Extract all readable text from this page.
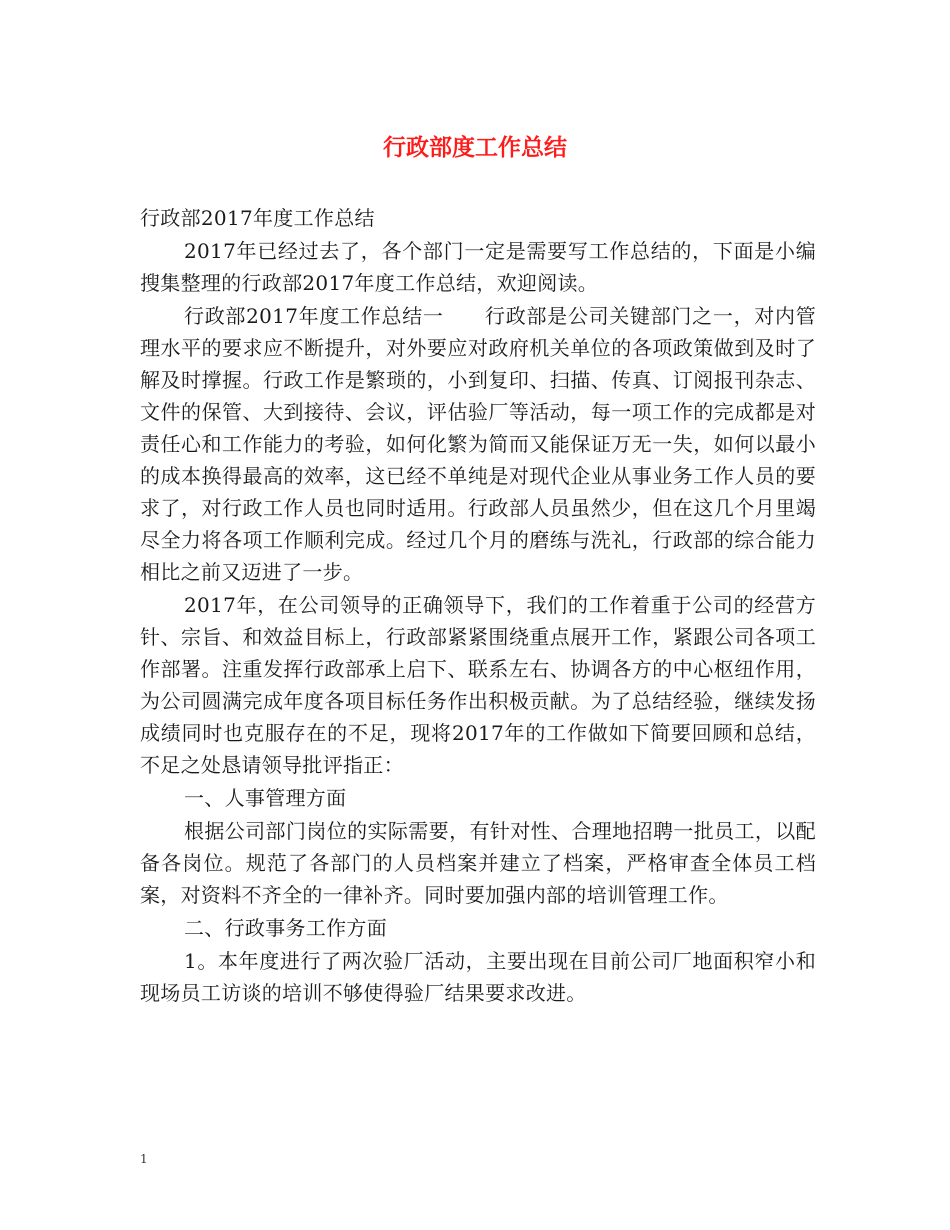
行政部度工作总结

行政部2017年度工作总结

2017年已经过去了，各个部门一定是需要写工作总结的，下面是小编搜集整理的行政部2017年度工作总结，欢迎阅读。

行政部2017年度工作总结一　　行政部是公司关键部门之一，对内管理水平的要求应不断提升，对外要应对政府机关单位的各项政策做到及时了解及时撑握。行政工作是繁琐的，小到复印、扫描、传真、订阅报刊杂志、文件的保管、大到接待、会议，评估验厂等活动，每一项工作的完成都是对责任心和工作能力的考验，如何化繁为简而又能保证万无一失，如何以最小的成本换得最高的效率，这已经不单纯是对现代企业从事业务工作人员的要求了，对行政工作人员也同时适用。行政部人员虽然少，但在这几个月里竭尽全力将各项工作顺利完成。经过几个月的磨练与洗礼，行政部的综合能力相比之前又迈进了一步。

2017年，在公司领导的正确领导下，我们的工作着重于公司的经营方针、宗旨、和效益目标上，行政部紧紧围绕重点展开工作，紧跟公司各项工作部署。注重发挥行政部承上启下、联系左右、协调各方的中心枢纽作用，为公司圆满完成年度各项目标任务作出积极贡献。为了总结经验，继续发扬成绩同时也克服存在的不足，现将2017年的工作做如下简要回顾和总结，不足之处恳请领导批评指正：

一、人事管理方面

根据公司部门岗位的实际需要，有针对性、合理地招聘一批员工，以配备各岗位。规范了各部门的人员档案并建立了档案，严格审查全体员工档案，对资料不齐全的一律补齐。同时要加强内部的培训管理工作。

二、行政事务工作方面

1。本年度进行了两次验厂活动，主要出现在目前公司厂地面积窄小和现场员工访谈的培训不够使得验厂结果要求改进。

1
